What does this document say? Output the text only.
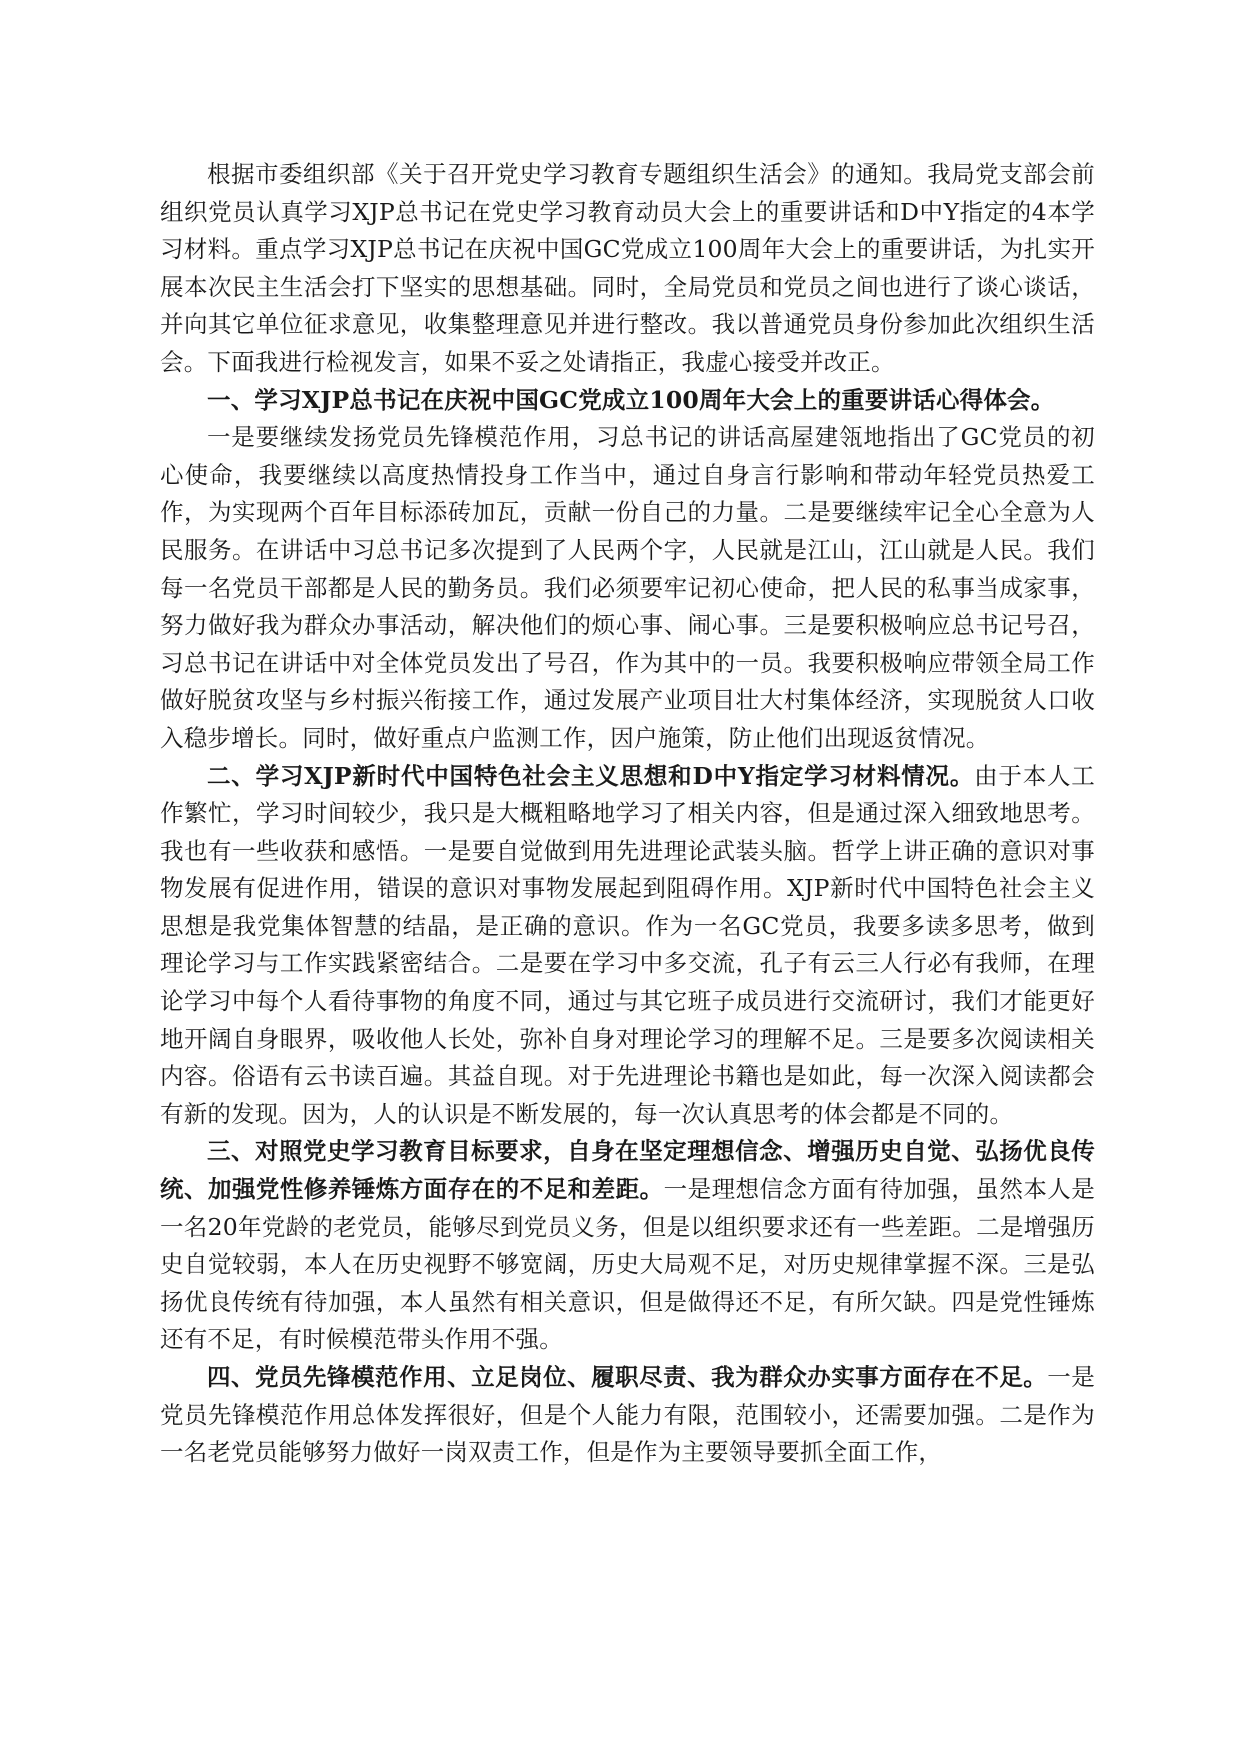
根据市委组织部《关于召开党史学习教育专题组织生活会》的通知。我局党支部会前组织党员认真学习XJP总书记在党史学习教育动员大会上的重要讲话和D中Y指定的4本学习材料。重点学习XJP总书记在庆祝中国GC党成立100周年大会上的重要讲话，为扎实开展本次民主生活会打下坚实的思想基础。同时，全局党员和党员之间也进行了谈心谈话，并向其它单位征求意见，收集整理意见并进行整改。我以普通党员身份参加此次组织生活会。下面我进行检视发言，如果不妥之处请指正，我虚心接受并改正。

一、学习XJP总书记在庆祝中国GC党成立100周年大会上的重要讲话心得体会。

一是要继续发扬党员先锋模范作用，习总书记的讲话高屋建瓴地指出了GC党员的初心使命，我要继续以高度热情投身工作当中，通过自身言行影响和带动年轻党员热爱工作，为实现两个百年目标添砖加瓦，贡献一份自己的力量。二是要继续牢记全心全意为人民服务。在讲话中习总书记多次提到了人民两个字，人民就是江山，江山就是人民。我们每一名党员干部都是人民的勤务员。我们必须要牢记初心使命，把人民的私事当成家事，努力做好我为群众办事活动，解决他们的烦心事、闹心事。三是要积极响应总书记号召，习总书记在讲话中对全体党员发出了号召，作为其中的一员。我要积极响应带领全局工作做好脱贫攻坚与乡村振兴衔接工作，通过发展产业项目壮大村集体经济，实现脱贫人口收入稳步增长。同时，做好重点户监测工作，因户施策，防止他们出现返贫情况。

二、学习XJP新时代中国特色社会主义思想和D中Y指定学习材料情况。由于本人工作繁忙，学习时间较少，我只是大概粗略地学习了相关内容，但是通过深入细致地思考。我也有一些收获和感悟。一是要自觉做到用先进理论武装头脑。哲学上讲正确的意识对事物发展有促进作用，错误的意识对事物发展起到阻碍作用。XJP新时代中国特色社会主义思想是我党集体智慧的结晶，是正确的意识。作为一名GC党员，我要多读多思考，做到理论学习与工作实践紧密结合。二是要在学习中多交流，孔子有云三人行必有我师，在理论学习中每个人看待事物的角度不同，通过与其它班子成员进行交流研讨，我们才能更好地开阔自身眼界，吸收他人长处，弥补自身对理论学习的理解不足。三是要多次阅读相关内容。俗语有云书读百遍。其益自现。对于先进理论书籍也是如此，每一次深入阅读都会有新的发现。因为，人的认识是不断发展的，每一次认真思考的体会都是不同的。

三、对照党史学习教育目标要求，自身在坚定理想信念、增强历史自觉、弘扬优良传统、加强党性修养锤炼方面存在的不足和差距。一是理想信念方面有待加强，虽然本人是一名20年党龄的老党员，能够尽到党员义务，但是以组织要求还有一些差距。二是增强历史自觉较弱，本人在历史视野不够宽阔，历史大局观不足，对历史规律掌握不深。三是弘扬优良传统有待加强，本人虽然有相关意识，但是做得还不足，有所欠缺。四是党性锤炼还有不足，有时候模范带头作用不强。

四、党员先锋模范作用、立足岗位、履职尽责、我为群众办实事方面存在不足。一是党员先锋模范作用总体发挥很好，但是个人能力有限，范围较小，还需要加强。二是作为一名老党员能够努力做好一岗双责工作，但是作为主要领导要抓全面工作，
